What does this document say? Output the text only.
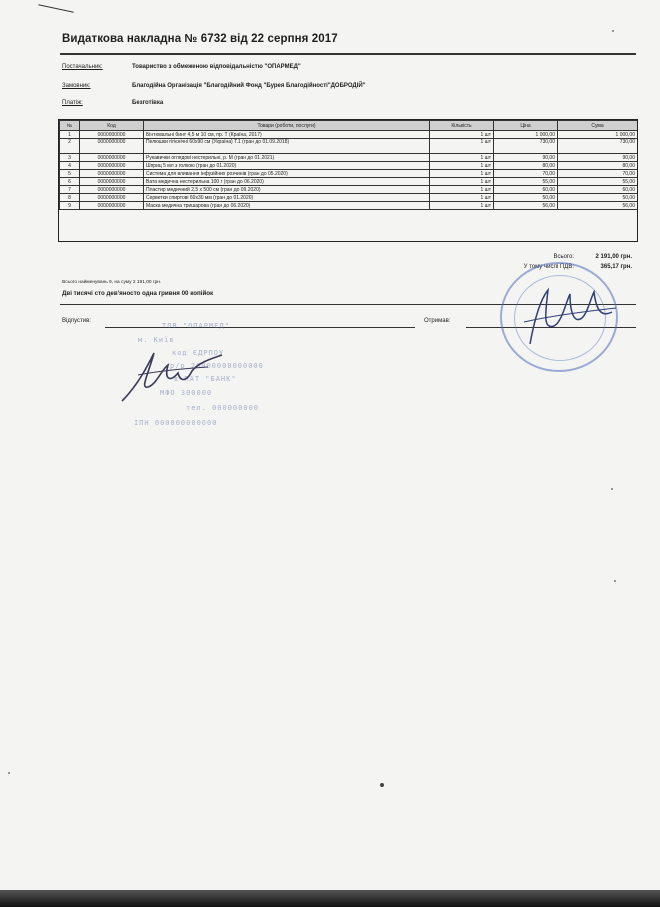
Видаткова накладна № 6732 від 22 серпня 2017
Постачальник:	Товариство з обмеженою відповідальністю "ОПАРМЕД"
Замовник:	Благодійна Організація "Благодійний Фонд "Бурея Благодійності"ДОБРОДІЙ"
Платіж:	Безготівка
№	Код	Товари (роботи, послуги)	Кількість	Ціна	Сума
1	0000000000	Бінтювальні бинт 4,5 м 10 см, пр. Т (Країна, 2017)	1 шт	1 000,00	1 000,00
2	0000000000	Пелюшки гігієнічні 60х90 см (Україна) Т.1 (гран до 01.09.2018)	1 шт	730,00	730,00
3	0000000000	Рукавички оглядові нестерильні, р. М (гран до 01.2021)	1 шт	90,00	90,00
4	0000000000	Шприц 5 мл з голкою (гран до 01.2020)	1 шт	80,00	80,00
5	0000000000	Система для вливання інфузійних розчинів (гран до 05.2020)	1 шт	70,00	70,00
6	0000000000	Вата медична нестерильна 100 г (гран до 06.2020)	1 шт	55,00	55,00
7	0000000000	Пластир медичний 2,5 х 500 см (гран до 09.2020)	1 шт	60,00	60,00
8	0000000000	Серветки спиртові 60х30 мм (гран до 01.2020)	1 шт	50,00	50,00
9	0000000000	Маска медична тришарова (гран до 06.2020)	1 шт	56,00	56,00
Всього:	2 191,00 грн.
У тому числі ПДВ:	365,17 грн.
Всього найменувань 9, на суму 2 191,00 грн.
Дві тисячі сто дев'яносто одна гривня 00 копійок
Відпустив:	Отримав:
ТОВ "ОПАРМЕД"
м. Київ
код ЄДРПОУ
р/р 26000000000000
в ПАТ "БАНК"
МФО 300000
тел. 000000000
ІПН 000000000000
